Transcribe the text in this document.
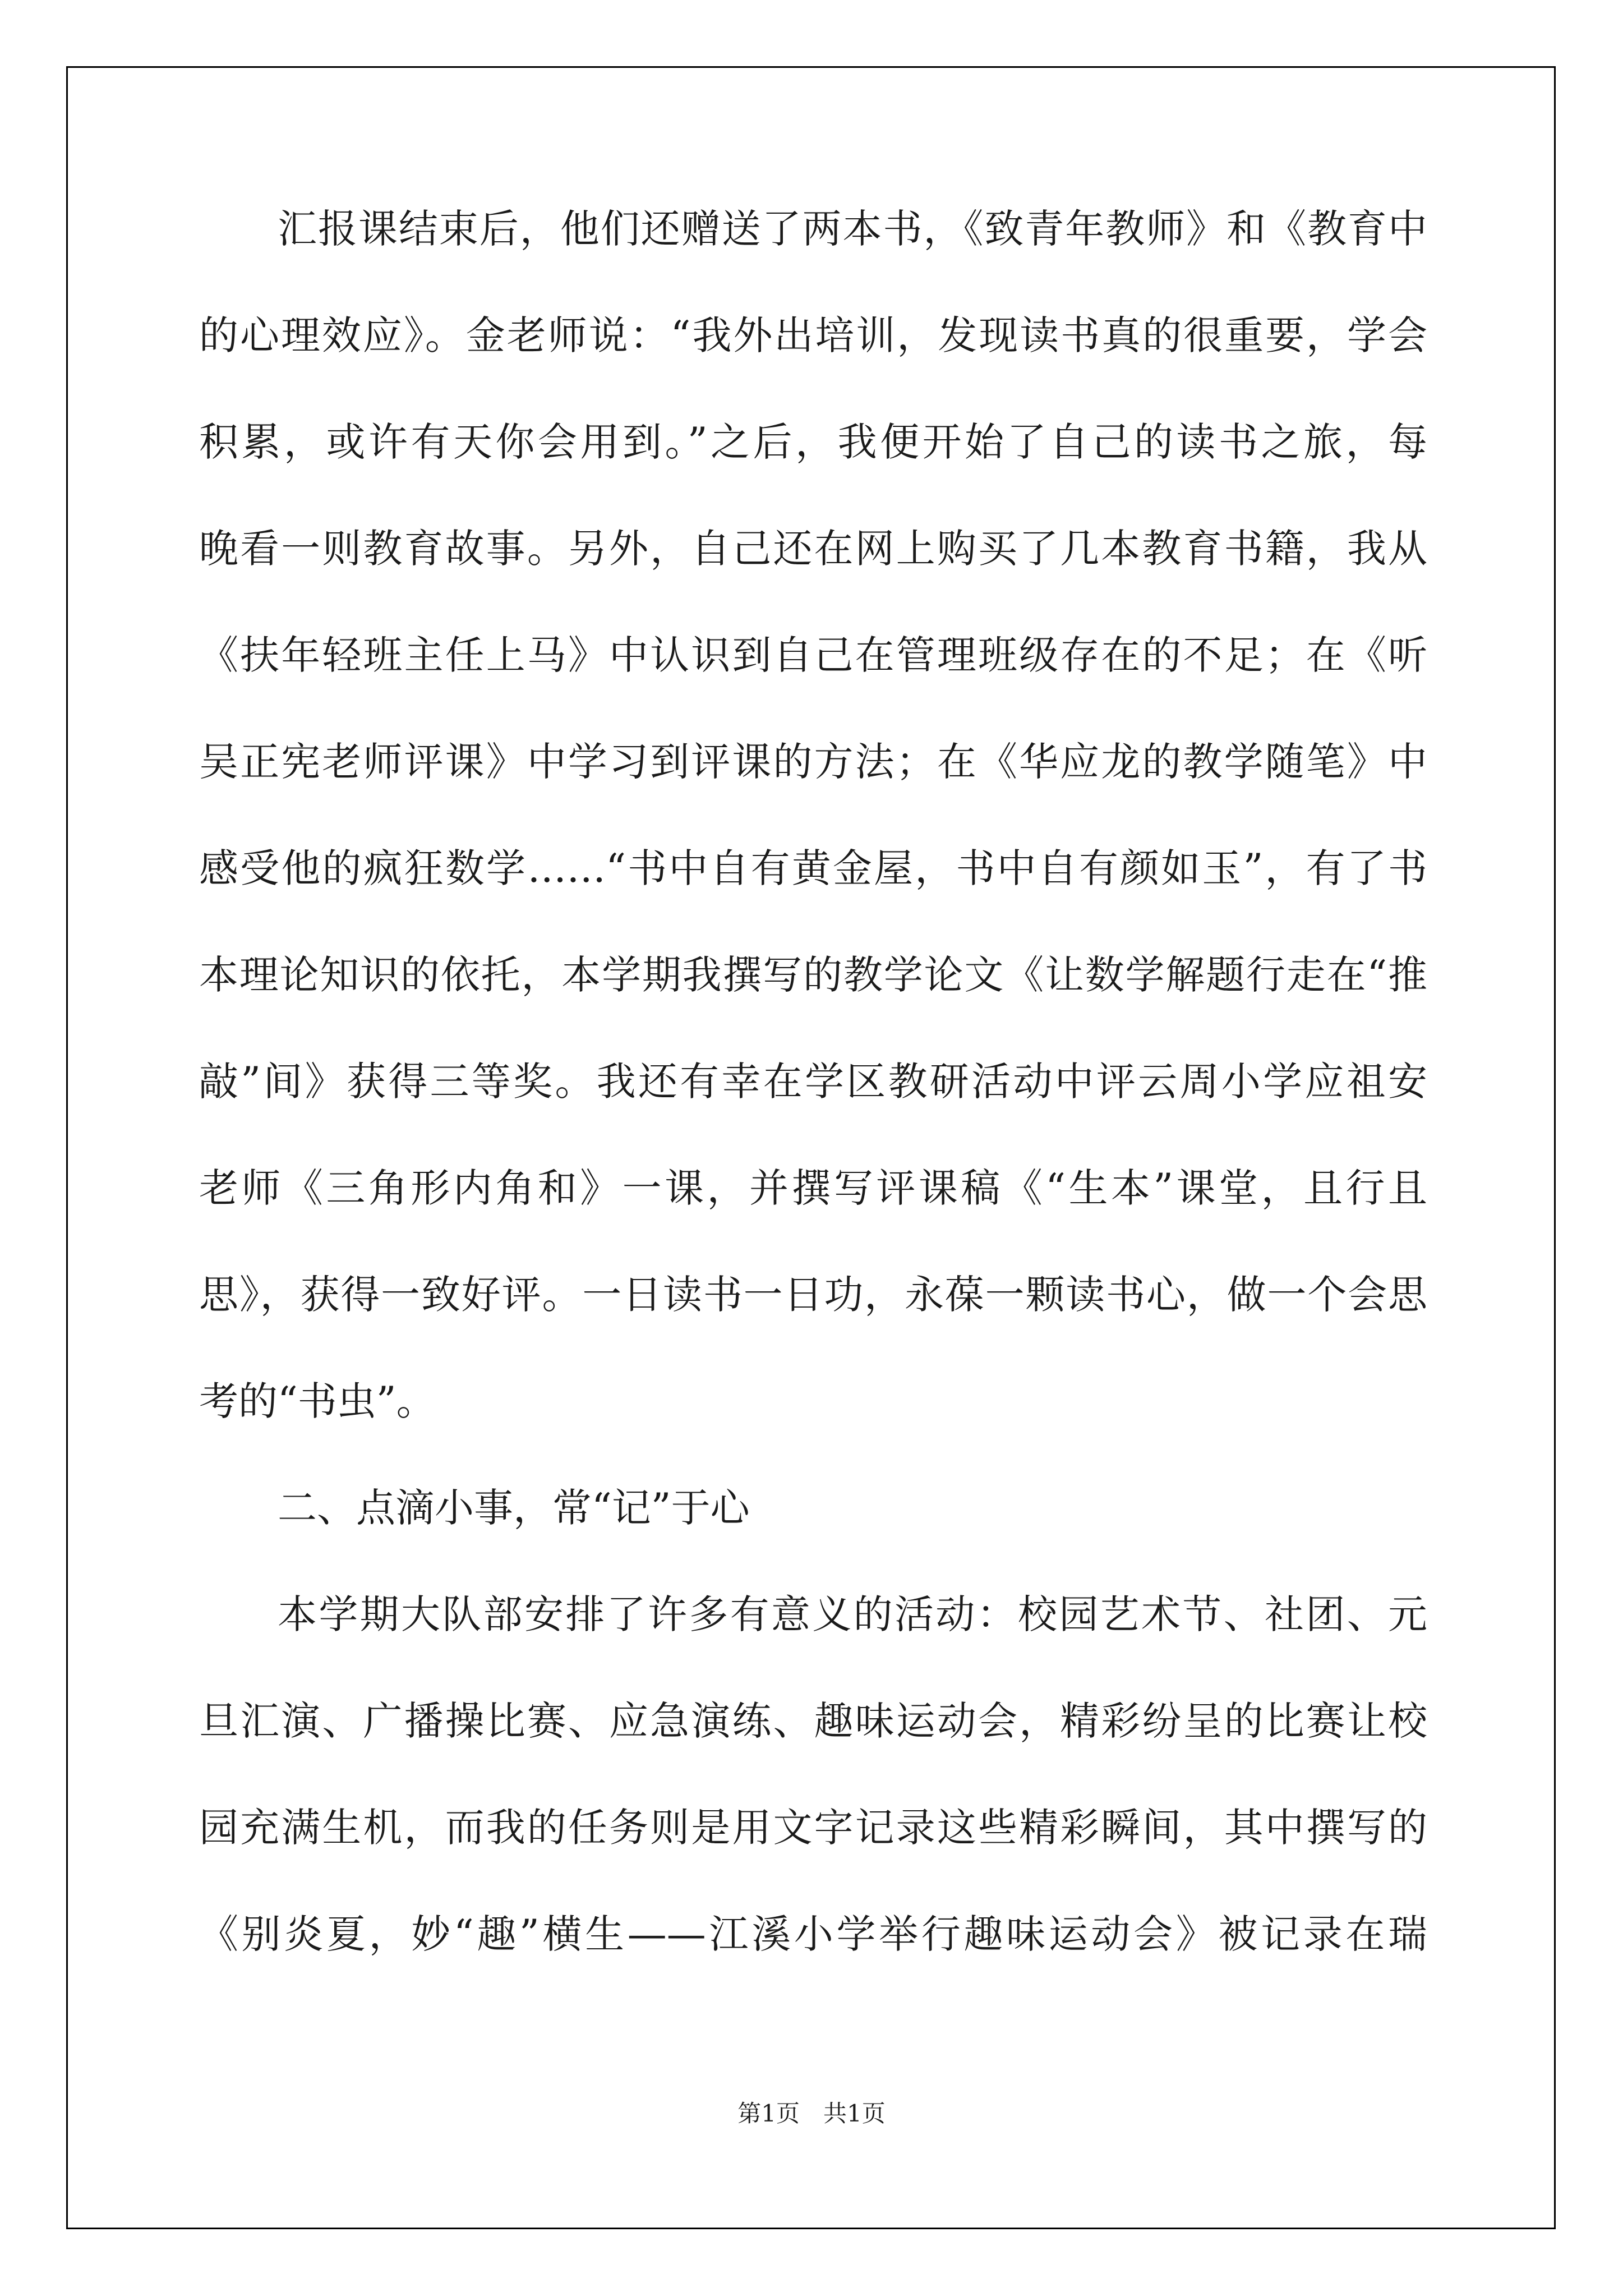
汇报课结束后，他们还赠送了两本书，《致青年教师》和《教育中
的心理效应》。金老师说：“我外出培训，发现读书真的很重要，学会
积累，或许有天你会用到。”之后，我便开始了自己的读书之旅，每
晚看一则教育故事。另外，自己还在网上购买了几本教育书籍，我从
《扶年轻班主任上马》中认识到自己在管理班级存在的不足；在《听
吴正宪老师评课》中学习到评课的方法；在《华应龙的教学随笔》中
感受他的疯狂数学……“书中自有黄金屋，书中自有颜如玉”，有了书
本理论知识的依托，本学期我撰写的教学论文《让数学解题行走在“推
敲”间》获得三等奖。我还有幸在学区教研活动中评云周小学应祖安
老师《三角形内角和》一课，并撰写评课稿《“生本”课堂，且行且
思》，获得一致好评。一日读书一日功，永葆一颗读书心，做一个会思
考的“书虫”。
二、点滴小事，常“记”于心
本学期大队部安排了许多有意义的活动：校园艺术节、社团、元
旦汇演、广播操比赛、应急演练、趣味运动会，精彩纷呈的比赛让校
园充满生机，而我的任务则是用文字记录这些精彩瞬间，其中撰写的
《别炎夏，妙“趣”横生——江溪小学举行趣味运动会》被记录在瑞
第1页　共1页
